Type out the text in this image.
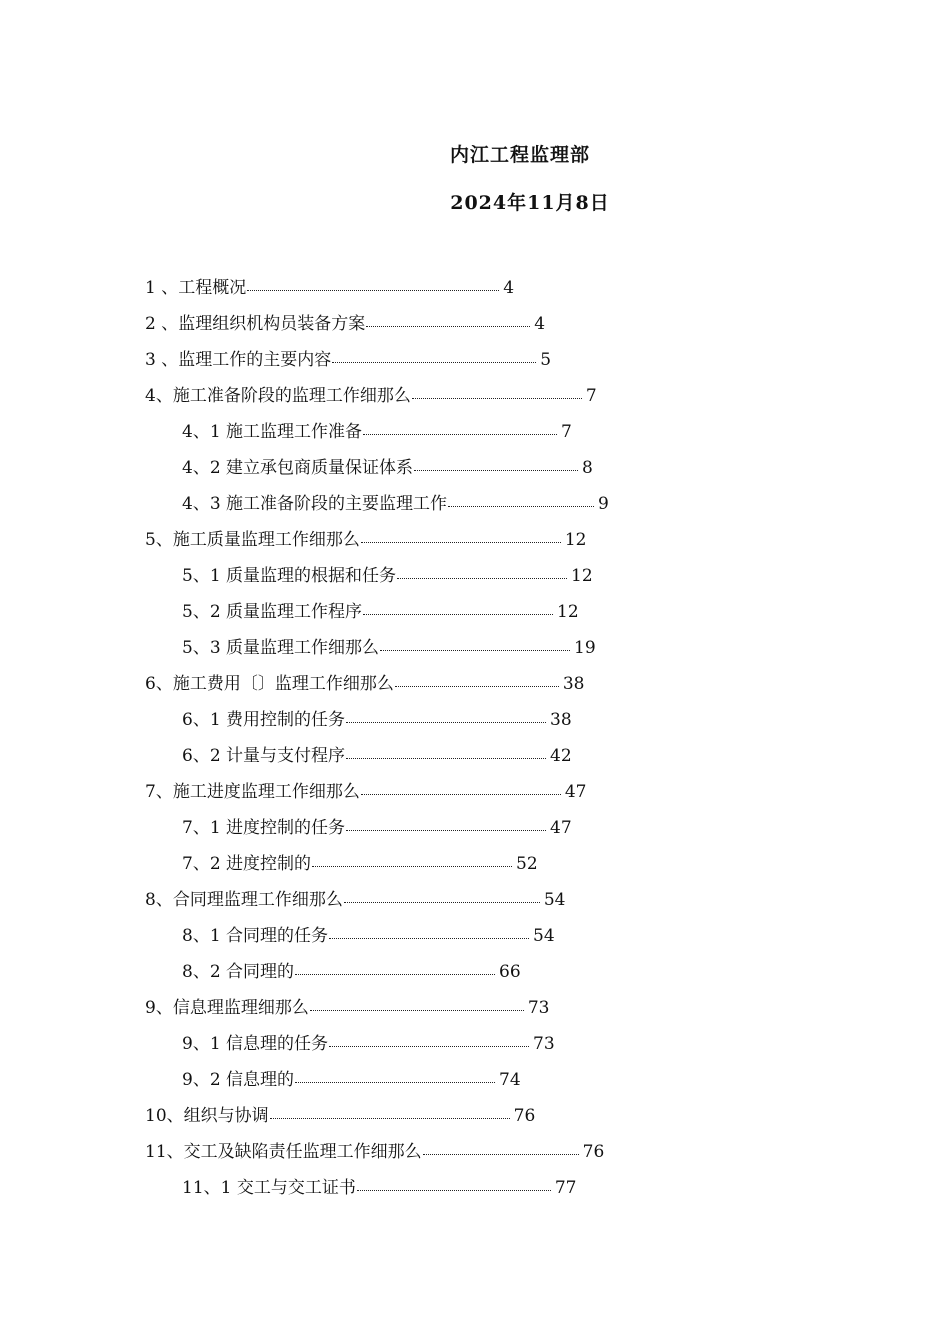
内江工程监理部
2024年11月8日
1 、工程概况	4
2 、监理组织机构员装备方案	4
3 、监理工作的主要内容	5
4、施工准备阶段的监理工作细那么	7
4、1 施工监理工作准备	7
4、2 建立承包商质量保证体系	8
4、3 施工准备阶段的主要监理工作	9
5、施工质量监理工作细那么	12
5、1 质量监理的根据和任务	12
5、2 质量监理工作程序	12
5、3 质量监理工作细那么	19
6、施工费用〔〕监理工作细那么	38
6、1 费用控制的任务	38
6、2 计量与支付程序	42
7、施工进度监理工作细那么	47
7、1 进度控制的任务	47
7、2 进度控制的	52
8、合同理监理工作细那么	54
8、1 合同理的任务	54
8、2 合同理的	66
9、信息理监理细那么	73
9、1 信息理的任务	73
9、2 信息理的	74
10、组织与协调	76
11、交工及缺陷责任监理工作细那么	76
11、1 交工与交工证书	77
